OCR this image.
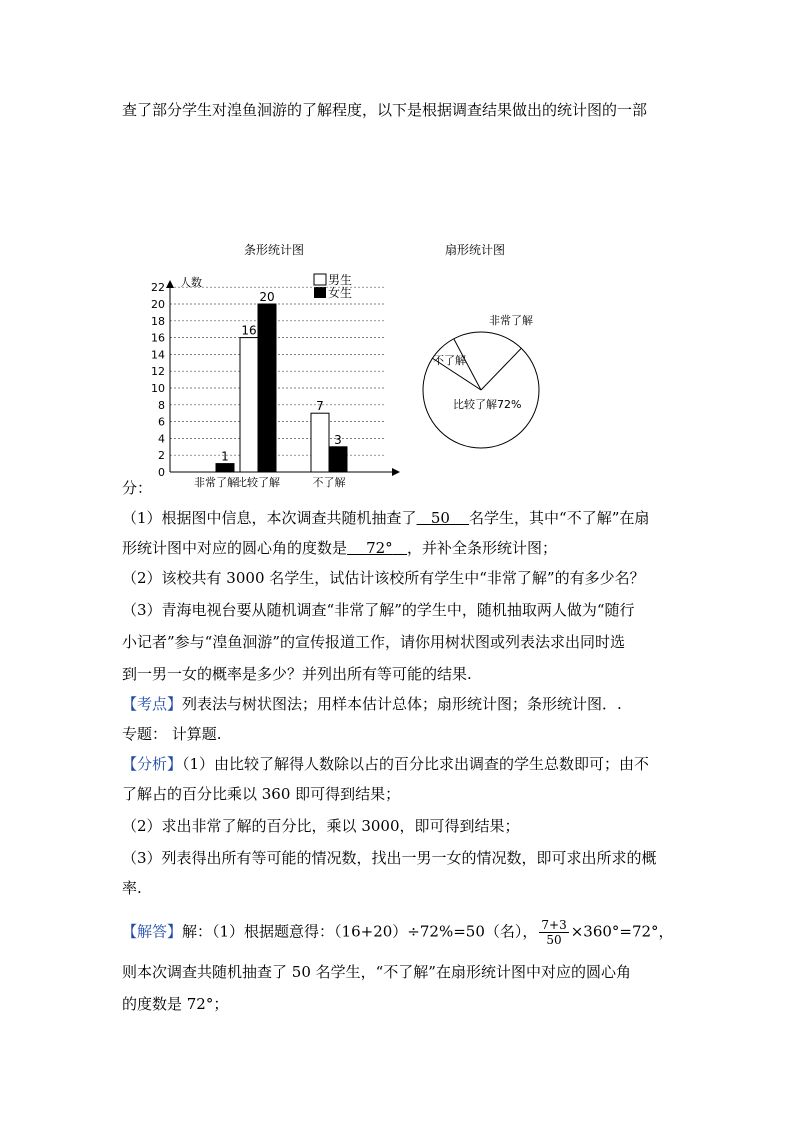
查了部分学生对湟鱼洄游的了解程度，以下是根据调查结果做出的统计图的一部
条形统计图
人数	男生
女生
0
2
4
6
8
10
12
14
16
18
20
22
1
16
20
7
3
非常了解
比较了解	不了解
扇形统计图
非常了解
不了解
比较了解72%
分：
（1）根据图中信息，本次调查共随机抽查了 50 名学生，其中“不了解”在扇
形统计图中对应的圆心角的度数是 72° ，并补全条形统计图；
（2）该校共有 3000 名学生，试估计该校所有学生中“非常了解”的有多少名？
（3）青海电视台要从随机调查“非常了解”的学生中，随机抽取两人做为“随行
小记者”参与“湟鱼洄游”的宣传报道工作，请你用树状图或列表法求出同时选
到一男一女的概率是多少？并列出所有等可能的结果.
【考点】列表法与树状图法；用样本估计总体；扇形统计图；条形统计图．.
专题： 计算题.
【分析】（1）由比较了解得人数除以占的百分比求出调查的学生总数即可；由不
了解占的百分比乘以 360 即可得到结果；
（2）求出非常了解的百分比，乘以 3000，即可得到结果；
（3）列表得出所有等可能的情况数，找出一男一女的情况数，即可求出所求的概
率.
【解答】解：（1）根据题意得：（16+20）÷72%=50（名）， $\frac{7+3}{50} \times 360^\circ=72^\circ$，
则本次调查共随机抽查了 50 名学生，“不了解”在扇形统计图中对应的圆心角
的度数是 72°；
